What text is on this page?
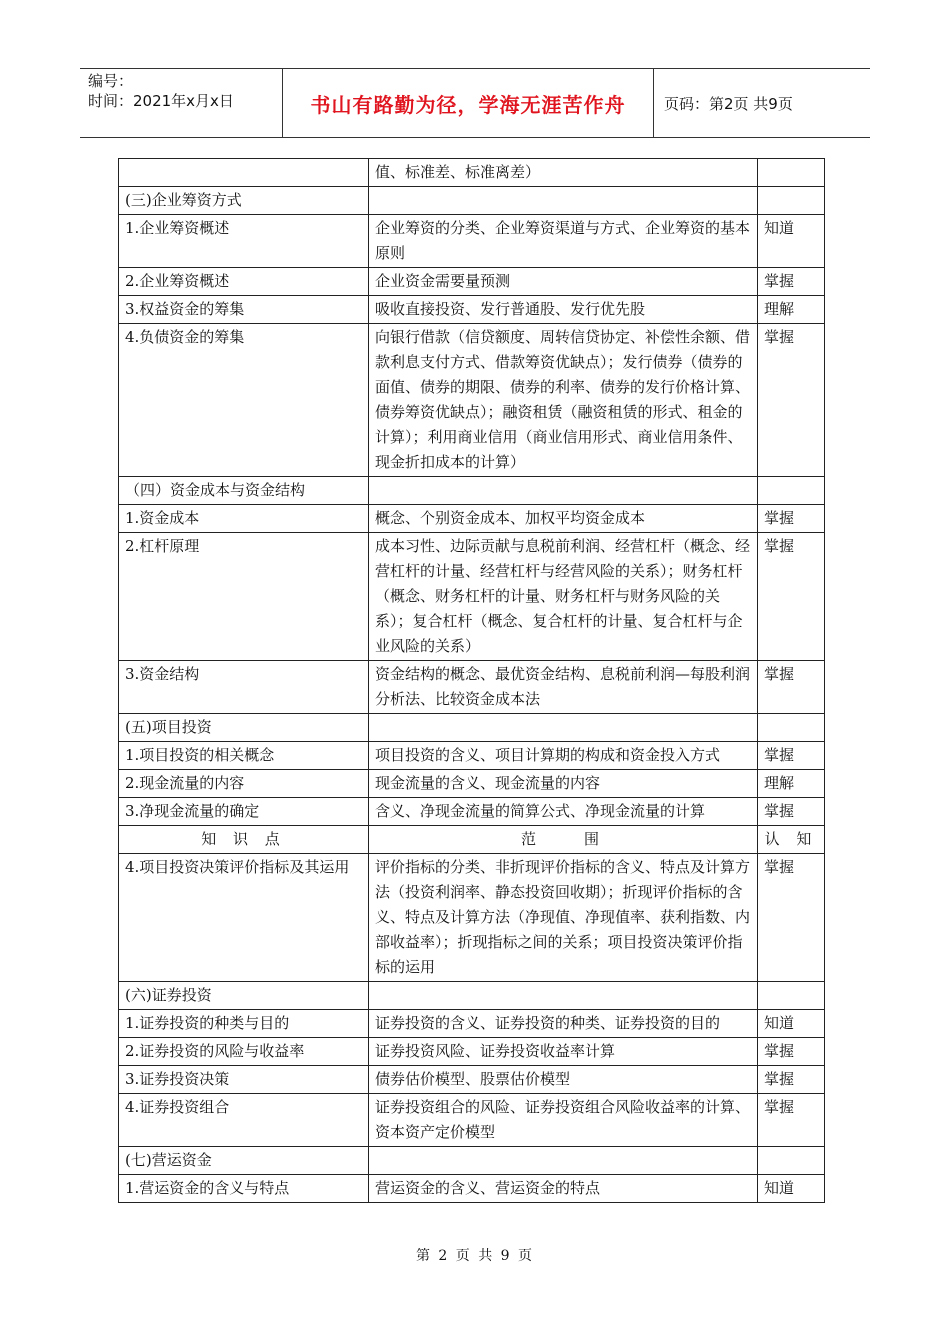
编号：
时间：2021年x月x日	书山有路勤为径，学海无涯苦作舟	页码：第2页 共9页
	值、标准差、标准离差）	
(三)企业筹资方式		
1.企业筹资概述	企业筹资的分类、企业筹资渠道与方式、企业筹资的基本原则	知道
2.企业筹资概述	企业资金需要量预测	掌握
3.权益资金的筹集	吸收直接投资、发行普通股、发行优先股	理解
4.负债资金的筹集	向银行借款（信贷额度、周转信贷协定、补偿性余额、借款利息支付方式、借款筹资优缺点）；发行债券（债券的面值、债券的期限、债券的利率、债券的发行价格计算、债券筹资优缺点）；融资租赁（融资租赁的形式、租金的计算）；利用商业信用（商业信用形式、商业信用条件、现金折扣成本的计算）	掌握
（四）资金成本与资金结构		
1.资金成本	概念、个别资金成本、加权平均资金成本	掌握
2.杠杆原理	成本习性、边际贡献与息税前利润、经营杠杆（概念、经营杠杆的计量、经营杠杆与经营风险的关系）；财务杠杆（概念、财务杠杆的计量、财务杠杆与财务风险的关系）；复合杠杆（概念、复合杠杆的计量、复合杠杆与企业风险的关系）	掌握
3.资金结构	资金结构的概念、最优资金结构、息税前利润—每股利润分析法、比较资金成本法	掌握
(五)项目投资		
1.项目投资的相关概念	项目投资的含义、项目计算期的构成和资金投入方式	掌握
2.现金流量的内容	现金流量的含义、现金流量的内容	理解
3.净现金流量的确定	含义、净现金流量的简算公式、净现金流量的计算	掌握
知 识 点	范　　围	认 知
4.项目投资决策评价指标及其运用	评价指标的分类、非折现评价指标的含义、特点及计算方法（投资利润率、静态投资回收期）；折现评价指标的含义、特点及计算方法（净现值、净现值率、获利指数、内部收益率）；折现指标之间的关系；项目投资决策评价指标的运用	掌握
(六)证券投资		
1.证券投资的种类与目的	证券投资的含义、证券投资的种类、证券投资的目的	知道
2.证券投资的风险与收益率	证券投资风险、证券投资收益率计算	掌握
3.证券投资决策	债券估价模型、股票估价模型	掌握
4.证券投资组合	证券投资组合的风险、证券投资组合风险收益率的计算、资本资产定价模型	掌握
(七)营运资金		
1.营运资金的含义与特点	营运资金的含义、营运资金的特点	知道
第 2 页 共 9 页
